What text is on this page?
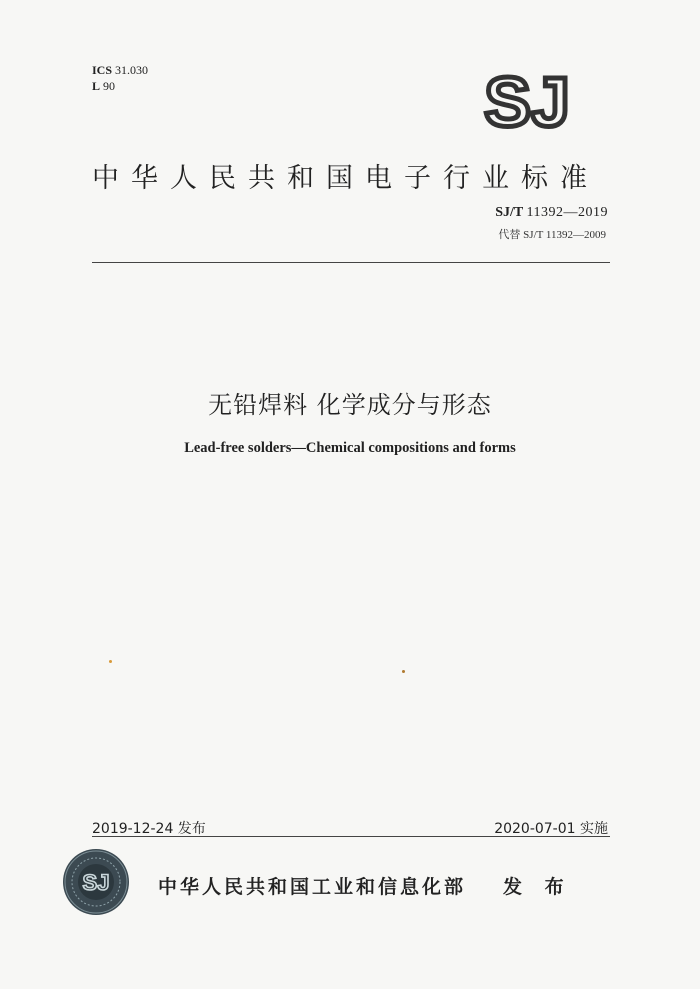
ICS 31.030
L 90	SJ
中华人民共和国电子行业标准
SJ/T 11392—2019
代替 SJ/T 11392—2009
无铅焊料 化学成分与形态
Lead-free solders—Chemical compositions and forms
2019-12-24 发布	2020-07-01 实施
SJ	中华人民共和国工业和信息化部 发 布
